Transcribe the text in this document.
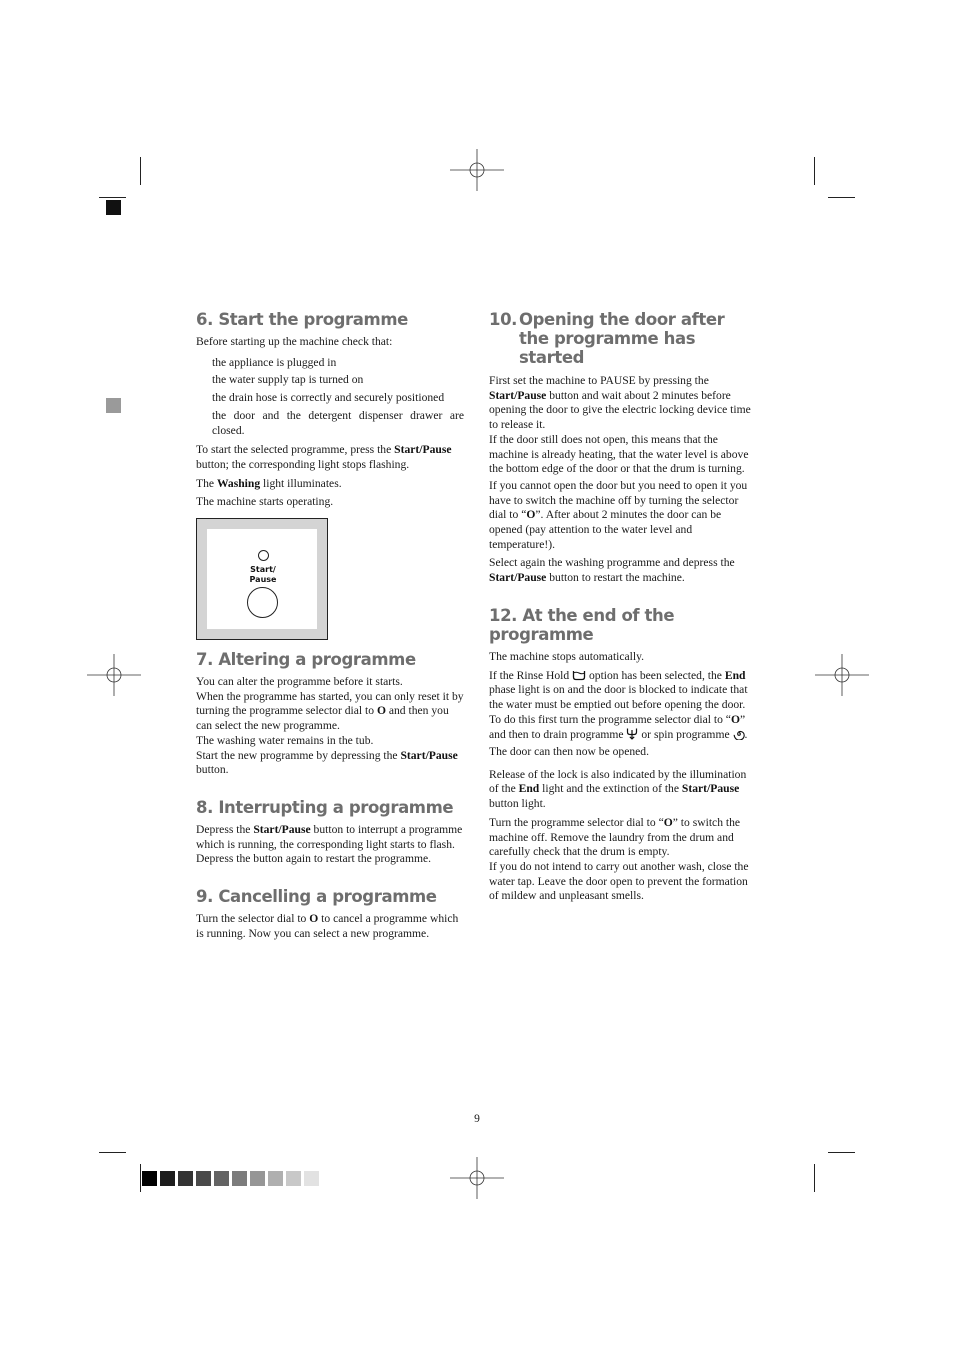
6. Start the programme

Before starting up the machine check that:

the appliance is plugged in

the water supply tap is turned on

the drain hose is correctly and securely positioned

the door and the detergent dispenser drawer are closed.

To start the selected programme, press the Start/Pause button; the corresponding light stops flashing.

The Washing light illuminates.

The machine starts operating.

Start/
Pause
7. Altering a programme

You can alter the programme before it starts.
When the programme has started, you can only reset it by turning the programme selector dial to O and then you can select the new programme.
The washing water remains in the tub.
Start the new programme by depressing the Start/Pause button.

8. Interrupting a programme

Depress the Start/Pause button to interrupt a programme which is running, the corresponding light starts to flash.
Depress the button again to restart the programme.

9. Cancelling a programme

Turn the selector dial to O to cancel a programme which is running. Now you can select a new programme.

10. Opening the door after the programme has started

First set the machine to PAUSE by pressing the Start/Pause button and wait about 2 minutes before opening the door to give the electric locking device time to release it.
If the door still does not open, this means that the machine is already heating, that the water level is above the bottom edge of the door or that the drum is turning.

If you cannot open the door but you need to open it you have to switch the machine off by turning the selector dial to “O”. After about 2 minutes the door can be opened (pay attention to the water level and temperature!).

Select again the washing programme and depress the Start/Pause button to restart the machine.

12. At the end of the programme

The machine stops automatically.

If the Rinse Hold  option has been selected, the End phase light is on and the door is blocked to indicate that the water must be emptied out before opening the door. To do this first turn the programme selector dial to “O” and then to drain programme  or spin programme .

The door can then now be opened.

Release of the lock is also indicated by the illumination of the End light and the extinction of the Start/Pause button light.

Turn the programme selector dial to “O” to switch the machine off. Remove the laundry from the drum and carefully check that the drum is empty.
If you do not intend to carry out another wash, close the water tap. Leave the door open to prevent the formation of mildew and unpleasant smells.

9
